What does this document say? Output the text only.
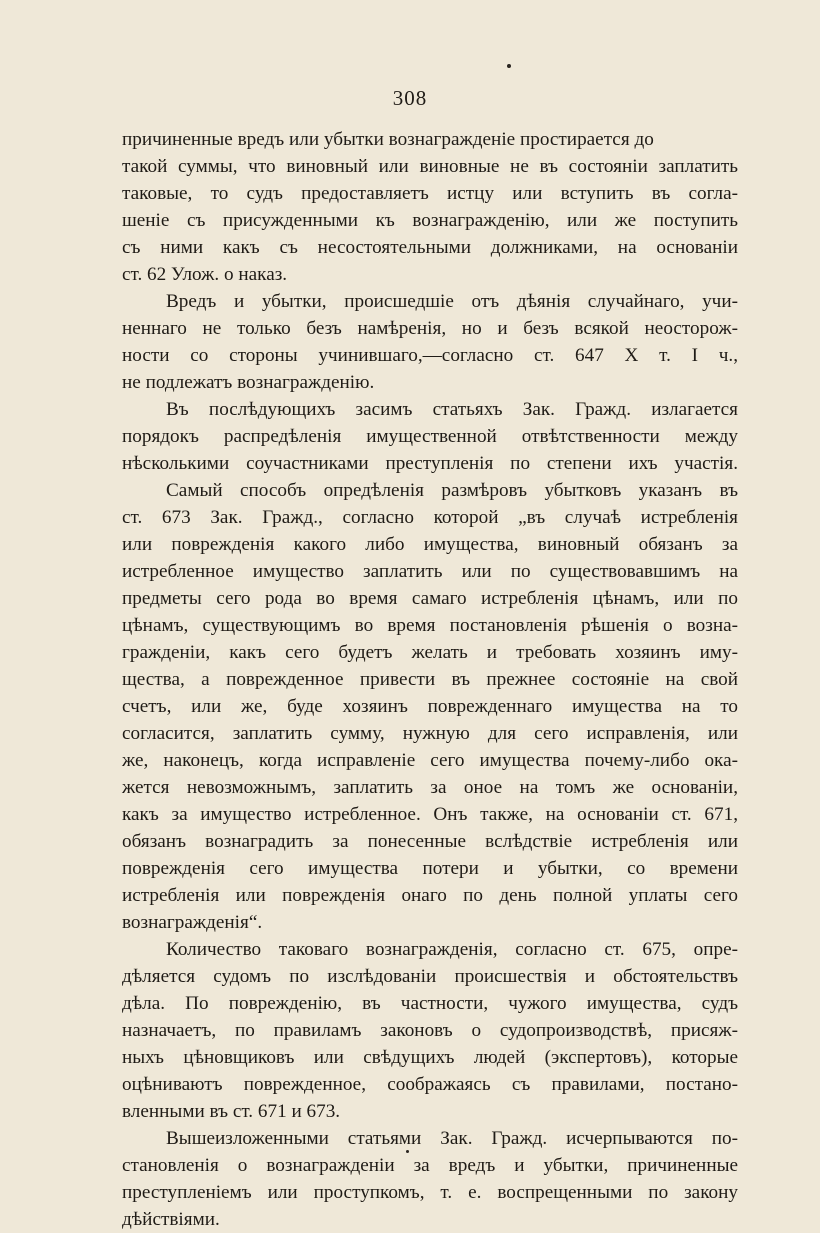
308

причиненные вредъ или убытки вознагражденіе простирается до
такой суммы, что виновный или виновные не въ состояніи заплатить
таковые, то судъ предоставляетъ истцу или вступить въ согла-
шеніе съ присужденными къ вознагражденію, или же поступить
съ ними какъ съ несостоятельными должниками, на основаніи
ст. 62 Улож. о наказ.

Вредъ и убытки, происшедшіе отъ дѣянія случайнаго, учи-
неннаго не только безъ намѣренія, но и безъ всякой неосторож-
ности со стороны учинившаго,—согласно ст. 647 X т. I ч.,
не подлежатъ вознагражденію.

Въ послѣдующихъ засимъ статьяхъ Зак. Гражд. излагается
порядокъ распредѣленія имущественной отвѣтственности между
нѣсколькими соучастниками преступленія по степени ихъ участія.

Самый способъ опредѣленія размѣровъ убытковъ указанъ въ
ст. 673 Зак. Гражд., согласно которой „въ случаѣ истребленія
или поврежденія какого либо имущества, виновный обязанъ за
истребленное имущество заплатить или по существовавшимъ на
предметы сего рода во время самаго истребленія цѣнамъ, или по
цѣнамъ, существующимъ во время постановленія рѣшенія о возна-
гражденіи, какъ сего будетъ желать и требовать хозяинъ иму-
щества, а поврежденное привести въ прежнее состояніе на свой
счетъ, или же, буде хозяинъ поврежденнаго имущества на то
согласится, заплатить сумму, нужную для сего исправленія, или
же, наконецъ, когда исправленіе сего имущества почему-либо ока-
жется невозможнымъ, заплатить за оное на томъ же основаніи,
какъ за имущество истребленное. Онъ также, на основаніи ст. 671,
обязанъ вознаградить за понесенные вслѣдствіе истребленія или
поврежденія сего имущества потери и убытки, со времени
истребленія или поврежденія онаго по день полной уплаты сего
вознагражденія“.

Количество таковаго вознагражденія, согласно ст. 675, опре-
дѣляется судомъ по изслѣдованіи происшествія и обстоятельствъ
дѣла. По поврежденію, въ частности, чужого имущества, судъ
назначаетъ, по правиламъ законовъ о судопроизводствѣ, присяж-
ныхъ цѣновщиковъ или свѣдущихъ людей (экспертовъ), которые
оцѣниваютъ поврежденное, соображаясь съ правилами, постано-
вленными въ ст. 671 и 673.

Вышеизложенными статьями Зак. Гражд. исчерпываются по-
становленія о вознагражденіи за вредъ и убытки, причиненные
преступленіемъ или проступкомъ, т. е. воспрещенными по закону
дѣйствіями.
